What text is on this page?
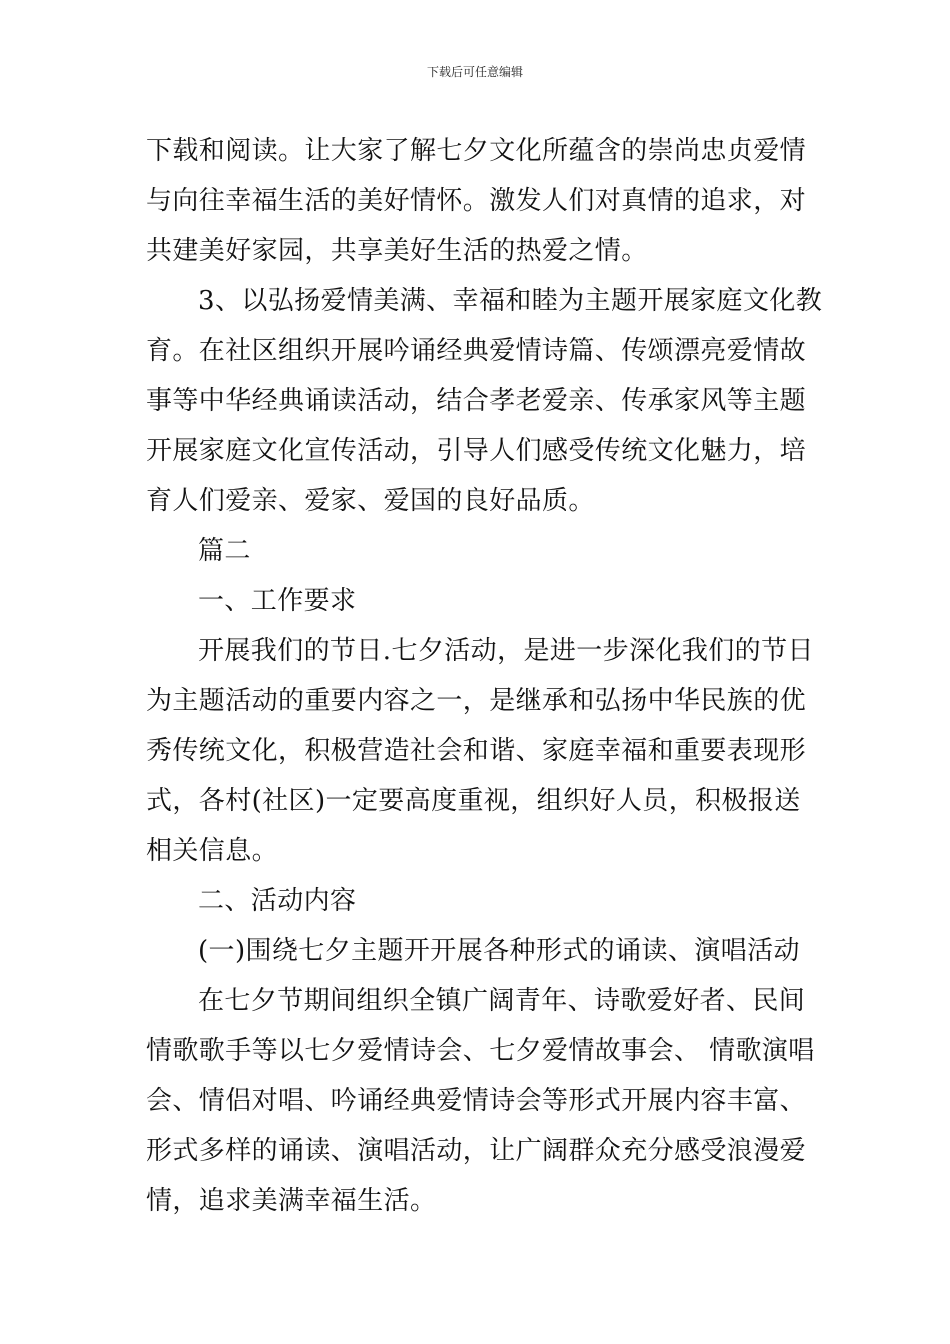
下载后可任意编辑
下载和阅读。让大家了解七夕文化所蕴含的崇尚忠贞爱情
与向往幸福生活的美好情怀。激发人们对真情的追求，对
共建美好家园，共享美好生活的热爱之情。
3、以弘扬爱情美满、幸福和睦为主题开展家庭文化教
育。在社区组织开展吟诵经典爱情诗篇、传颂漂亮爱情故
事等中华经典诵读活动，结合孝老爱亲、传承家风等主题
开展家庭文化宣传活动，引导人们感受传统文化魅力，培
育人们爱亲、爱家、爱国的良好品质。
篇二
一、工作要求
开展我们的节日.七夕活动，是进一步深化我们的节日
为主题活动的重要内容之一，是继承和弘扬中华民族的优
秀传统文化，积极营造社会和谐、家庭幸福和重要表现形
式，各村(社区)一定要高度重视，组织好人员，积极报送
相关信息。
二、活动内容
(一)围绕七夕主题开开展各种形式的诵读、演唱活动
在七夕节期间组织全镇广阔青年、诗歌爱好者、民间
情歌歌手等以七夕爱情诗会、七夕爱情故事会、 情歌演唱
会、情侣对唱、吟诵经典爱情诗会等形式开展内容丰富、
形式多样的诵读、演唱活动，让广阔群众充分感受浪漫爱
情，追求美满幸福生活。
